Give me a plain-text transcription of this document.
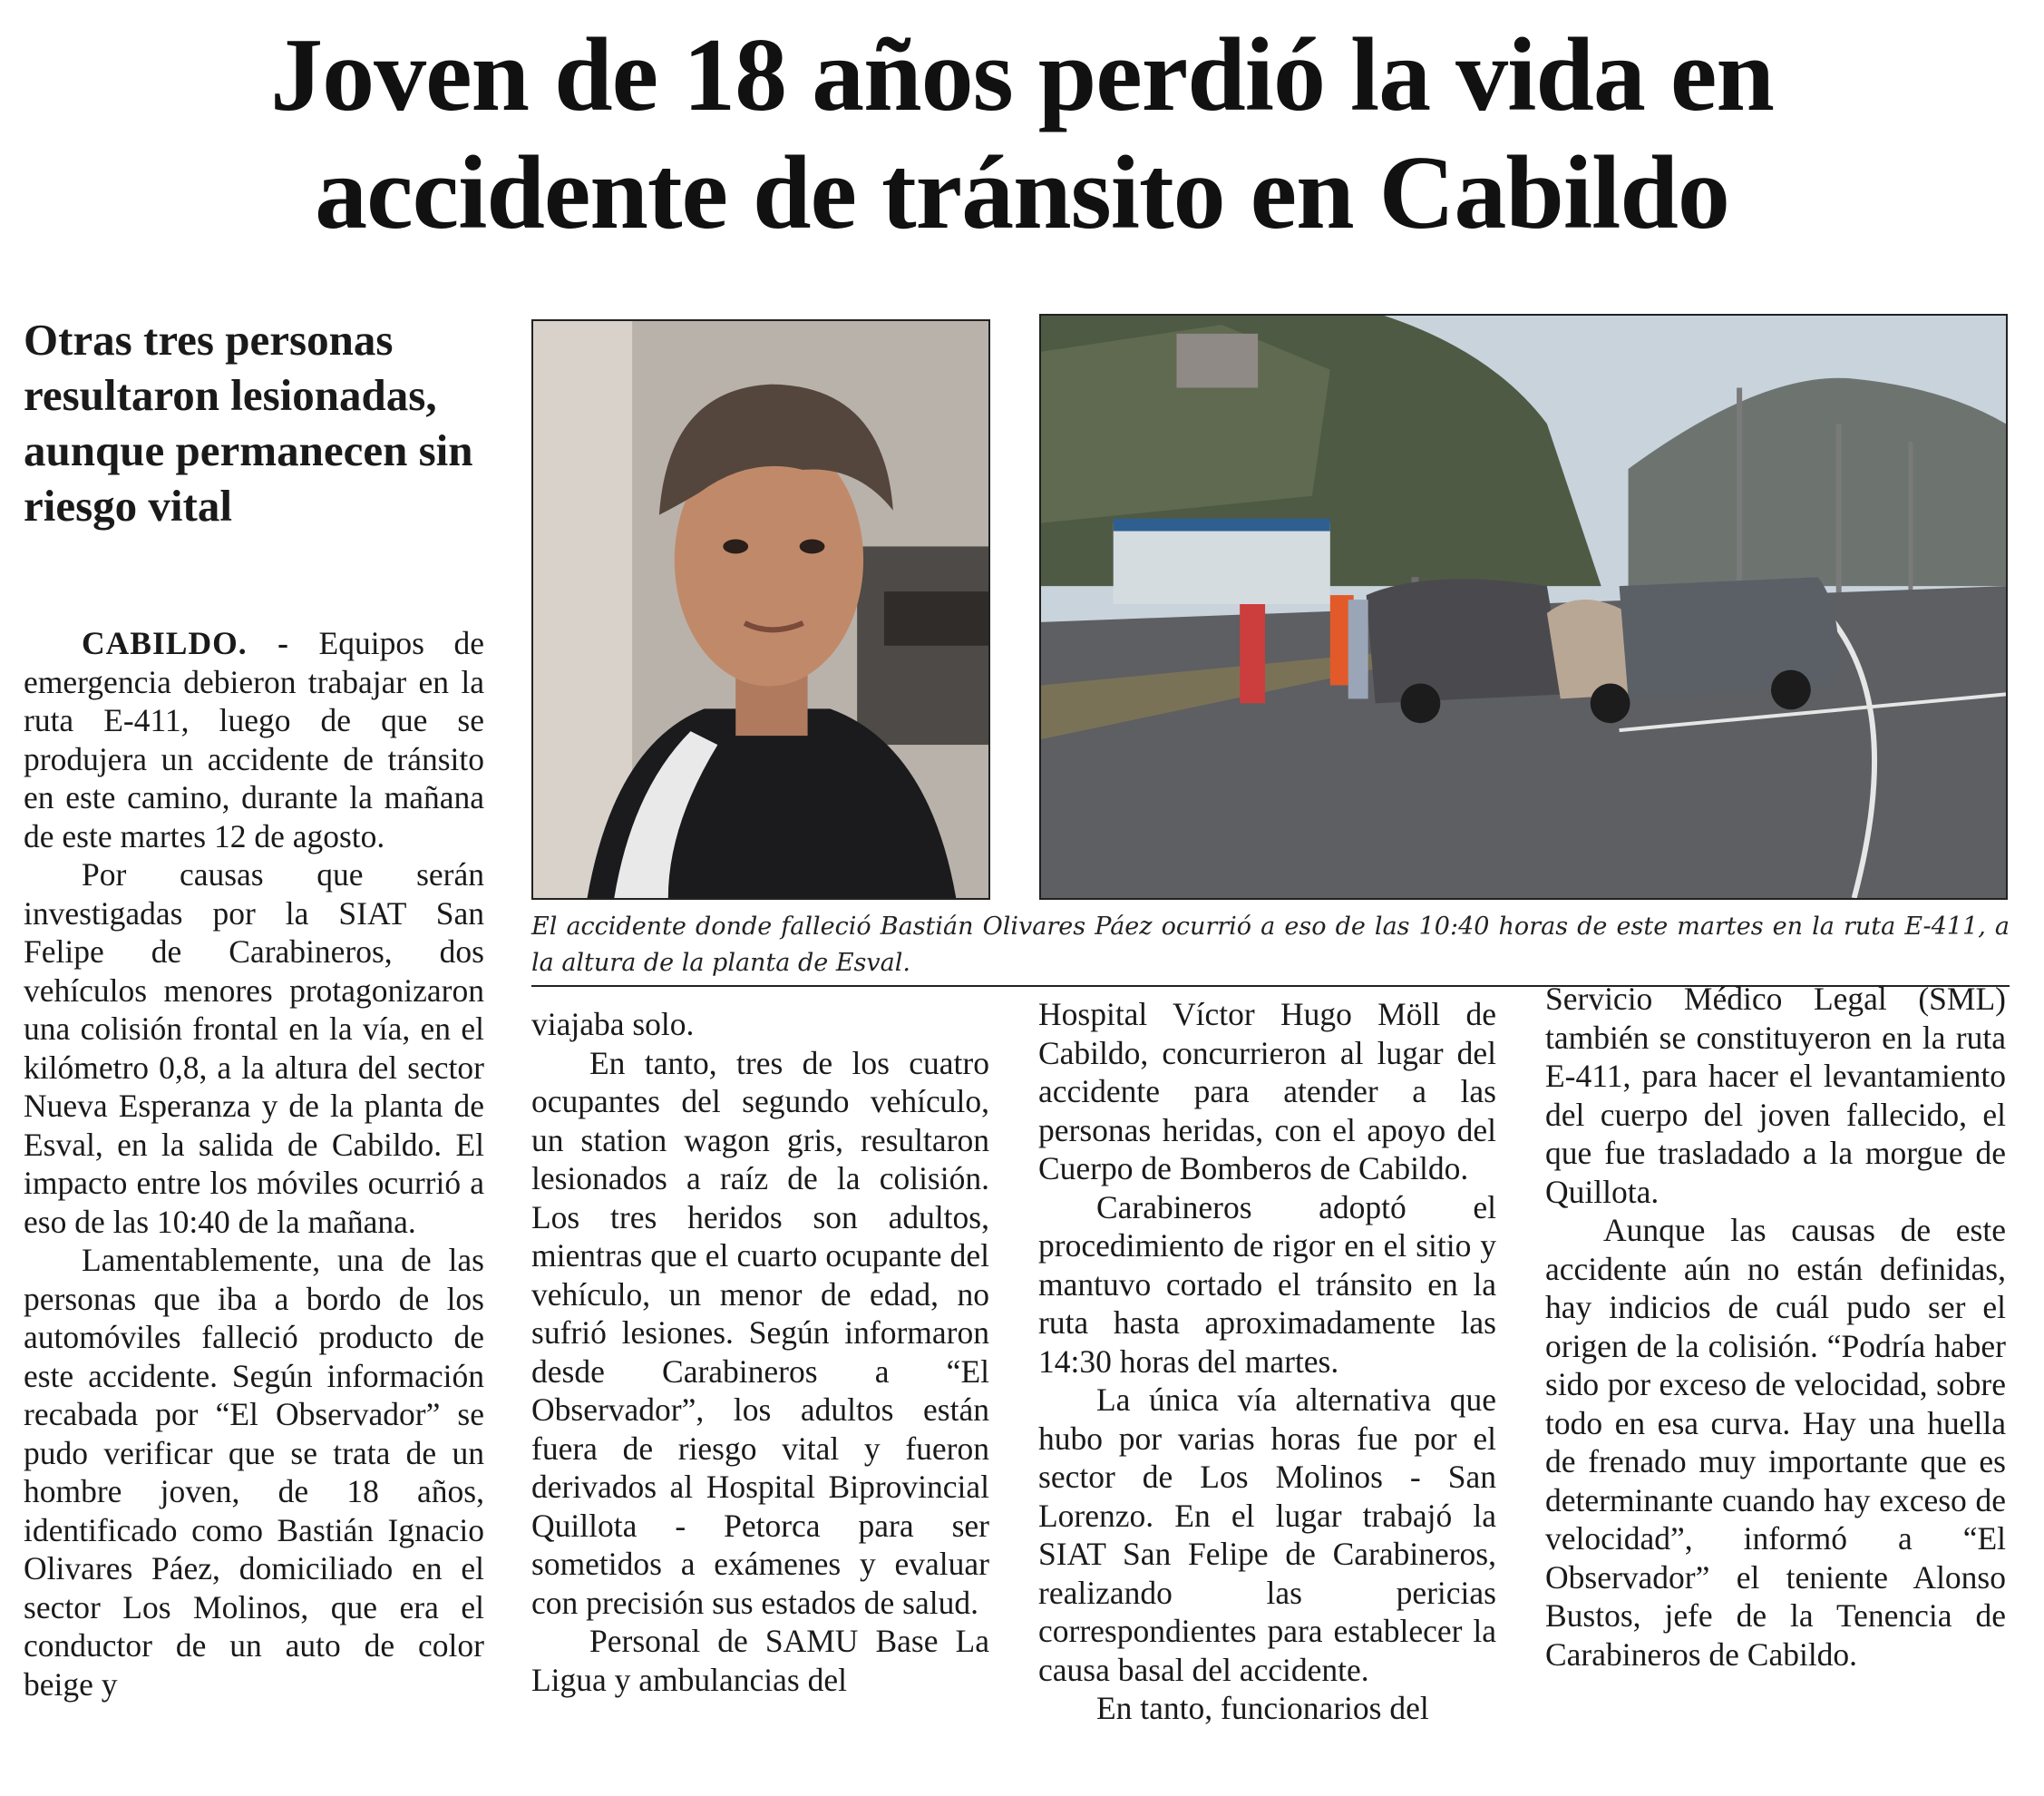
Joven de 18 años perdió la vida en
accidente de tránsito en Cabildo
Otras tres personas resultaron lesionadas, aunque permanecen sin riesgo vital

CABILDO. - Equipos de emergencia debieron trabajar en la ruta E-411, luego de que se produjera un accidente de tránsito en este camino, durante la mañana de este martes 12 de agosto.

Por causas que serán investigadas por la SIAT San Felipe de Carabineros, dos vehículos menores protagonizaron una colisión frontal en la vía, en el kilómetro 0,8, a la altura del sector Nueva Esperanza y de la planta de Esval, en la salida de Cabildo. El impacto entre los móviles ocurrió a eso de las 10:40 de la mañana.

Lamentablemente, una de las personas que iba a bordo de los automóviles falleció producto de este accidente. Según información recabada por “El Observador” se pudo verificar que se trata de un hombre joven, de 18 años, identificado como Bastián Ignacio Olivares Páez, domiciliado en el sector Los Molinos, que era el conductor de un auto de color beige y

El accidente donde falleció Bastián Olivares Páez ocurrió a eso de las 10:40 horas de este martes en la ruta E-411, a la altura de la planta de Esval.

viajaba solo.

En tanto, tres de los cuatro ocupantes del segundo vehículo, un station wagon gris, resultaron lesionados a raíz de la colisión. Los tres heridos son adultos, mientras que el cuarto ocupante del vehículo, un menor de edad, no sufrió lesiones. Según informaron desde Carabineros a “El Observador”, los adultos están fuera de riesgo vital y fueron derivados al Hospital Biprovincial Quillota - Petorca para ser sometidos a exámenes y evaluar con precisión sus estados de salud.

Personal de SAMU Base La Ligua y ambulancias del

Hospital Víctor Hugo Möll de Cabildo, concurrieron al lugar del accidente para atender a las personas heridas, con el apoyo del Cuerpo de Bomberos de Cabildo.

Carabineros adoptó el procedimiento de rigor en el sitio y mantuvo cortado el tránsito en la ruta hasta aproximadamente las 14:30 horas del martes.

La única vía alternativa que hubo por varias horas fue por el sector de Los Molinos - San Lorenzo. En el lugar trabajó la SIAT San Felipe de Carabineros, realizando las pericias correspondientes para establecer la causa basal del accidente.

En tanto, funcionarios del

Servicio Médico Legal (SML) también se constituyeron en la ruta E-411, para hacer el levantamiento del cuerpo del joven fallecido, el que fue trasladado a la morgue de Quillota.

Aunque las causas de este accidente aún no están definidas, hay indicios de cuál pudo ser el origen de la colisión. “Podría haber sido por exceso de velocidad, sobre todo en esa curva. Hay una huella de frenado muy importante que es determinante cuando hay exceso de velocidad”, informó a “El Observador” el teniente Alonso Bustos, jefe de la Tenencia de Carabineros de Cabildo.
